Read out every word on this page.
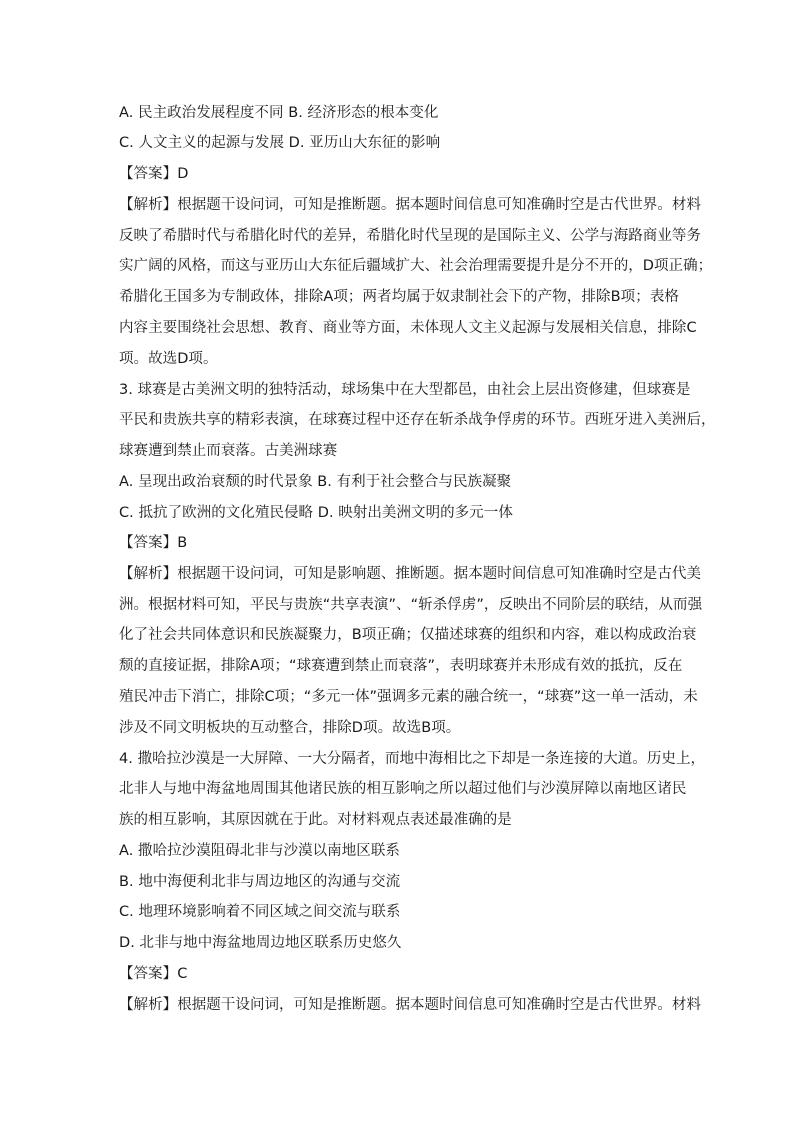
A. 民主政治发展程度不同 B. 经济形态的根本变化
C. 人文主义的起源与发展 D. 亚历山大东征的影响
【答案】D
【解析】根据题干设问词，可知是推断题。据本题时间信息可知准确时空是古代世界。材料
反映了希腊时代与希腊化时代的差异，希腊化时代呈现的是国际主义、公学与海路商业等务
实广阔的风格，而这与亚历山大东征后疆域扩大、社会治理需要提升是分不开的，D项正确；
希腊化王国多为专制政体，排除A项；两者均属于奴隶制社会下的产物，排除B项；表格
内容主要围绕社会思想、教育、商业等方面，未体现人文主义起源与发展相关信息，排除C
项。故选D项。
3. 球赛是古美洲文明的独特活动，球场集中在大型都邑，由社会上层出资修建，但球赛是
平民和贵族共享的精彩表演，在球赛过程中还存在斩杀战争俘虏的环节。西班牙进入美洲后，
球赛遭到禁止而衰落。古美洲球赛
A. 呈现出政治衰颓的时代景象 B. 有利于社会整合与民族凝聚
C. 抵抗了欧洲的文化殖民侵略 D. 映射出美洲文明的多元一体
【答案】B
【解析】根据题干设问词，可知是影响题、推断题。据本题时间信息可知准确时空是古代美
洲。根据材料可知，平民与贵族“共享表演”、“斩杀俘虏”，反映出不同阶层的联结，从而强
化了社会共同体意识和民族凝聚力，B项正确；仅描述球赛的组织和内容，难以构成政治衰
颓的直接证据，排除A项；“球赛遭到禁止而衰落”，表明球赛并未形成有效的抵抗，反在
殖民冲击下消亡，排除C项；“多元一体”强调多元素的融合统一，“球赛”这一单一活动，未
涉及不同文明板块的互动整合，排除D项。故选B项。
4. 撒哈拉沙漠是一大屏障、一大分隔者，而地中海相比之下却是一条连接的大道。历史上，
北非人与地中海盆地周围其他诸民族的相互影响之所以超过他们与沙漠屏障以南地区诸民
族的相互影响，其原因就在于此。对材料观点表述最准确的是
A. 撒哈拉沙漠阻碍北非与沙漠以南地区联系
B. 地中海便利北非与周边地区的沟通与交流
C. 地理环境影响着不同区域之间交流与联系
D. 北非与地中海盆地周边地区联系历史悠久
【答案】C
【解析】根据题干设问词，可知是推断题。据本题时间信息可知准确时空是古代世界。材料
